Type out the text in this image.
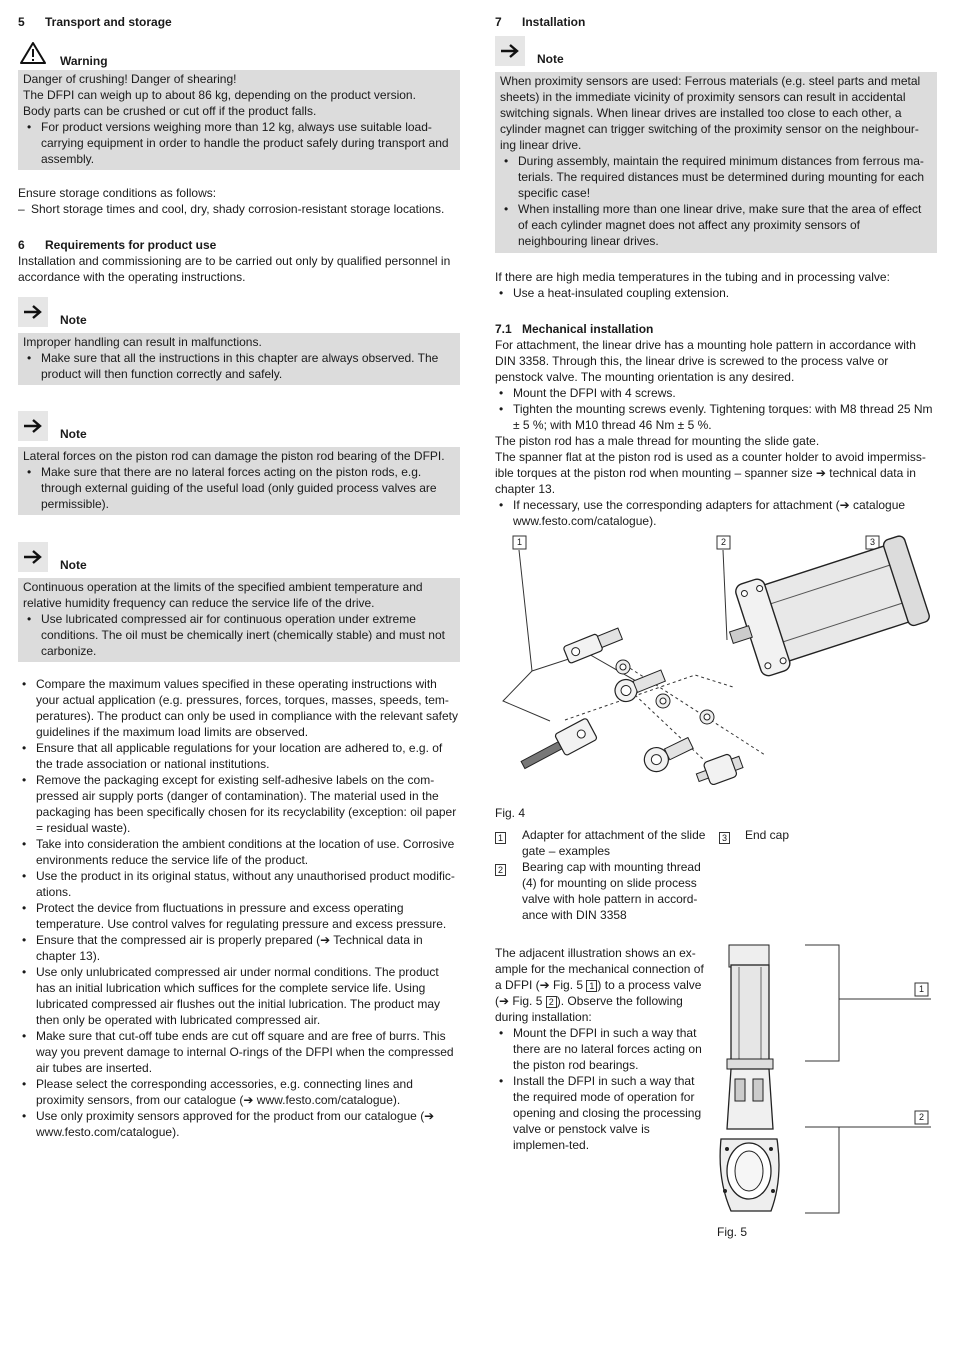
5 Transport and storage
Warning

Danger of crushing! Danger of shearing!

The DFPI can weigh up to about 86 kg, depending on the product version.

Body parts can be crushed or cut off if the product falls.

• For product versions weighing more than 12 kg, always use suitable load-carrying equipment in order to handle the product safely during transport and assembly.

Ensure storage conditions as follows:

– Short storage times and cool, dry, shady corrosion-resistant storage locations.
6 Requirements for product use

Installation and commissioning are to be carried out only by qualified personnel in accordance with the operating instructions.

Note

Improper handling can result in malfunctions.

• Make sure that all the instructions in this chapter are always observed. The product will then function correctly and safely.
Note

Lateral forces on the piston rod can damage the piston rod bearing of the DFPI.

• Make sure that there are no lateral forces acting on the piston rods, e.g. through external guiding of the useful load (only guided process valves are permissible).
Note

Continuous operation at the limits of the specified ambient temperature and relative humidity frequency can reduce the service life of the drive.

• Use lubricated compressed air for continuous operation under extreme conditions. The oil must be chemically inert (chemically stable) and must not carbonize.
• Compare the maximum values specified in these operating instructions with your actual application (e.g. pressures, forces, torques, masses, speeds, tem-peratures). The product can only be used in compliance with the relevant safety guidelines if the maximum load limits are observed.
• Ensure that all applicable regulations for your location are adhered to, e.g. of the trade association or national institutions.
• Remove the packaging except for existing self-adhesive labels on the com-pressed air supply ports (danger of contamination). The material used in the packaging has been specifically chosen for its recyclability (exception: oil paper = residual waste).
• Take into consideration the ambient conditions at the location of use. Corrosive environments reduce the service life of the product.
• Use the product in its original status, without any unauthorised product modific-ations.
• Protect the device from fluctuations in pressure and excess operating temperature. Use control valves for regulating pressure and excess pressure.
• Ensure that the compressed air is properly prepared (➔ Technical data in chapter 13).
• Use only unlubricated compressed air under normal conditions. The product has an initial lubrication which suffices for the complete service life. Using lubricated compressed air flushes out the initial lubrication. The product may then only be operated with lubricated compressed air.
• Make sure that cut-off tube ends are cut off square and are free of burrs. This way you prevent damage to internal O-rings of the DFPI when the compressed air tubes are inserted.
• Please select the corresponding accessories, e.g. connecting lines and proximity sensors, from our catalogue (➔ www.festo.com/catalogue).
• Use only proximity sensors approved for the product from our catalogue (➔ www.festo.com/catalogue).
7 Installation
Note

When proximity sensors are used: Ferrous materials (e.g. steel parts and metal sheets) in the immediate vicinity of proximity sensors can result in accidental switching signals. When linear drives are installed too close to each other, a cylinder magnet can trigger switching of the proximity sensor on the neighbour-ing linear drive.

• During assembly, maintain the required minimum distances from ferrous ma-terials. The required distances must be determined during mounting for each specific case!
• When installing more than one linear drive, make sure that the area of effect of each cylinder magnet does not affect any proximity sensors of neighbouring linear drives.

If there are high media temperatures in the tubing and in processing valve:

• Use a heat-insulated coupling extension.
7.1 Mechanical installation

For attachment, the linear drive has a mounting hole pattern in accordance with DIN 3358. Through this, the linear drive is screwed to the process valve or penstock valve. The mounting orientation is any desired.

• Mount the DFPI with 4 screws.
• Tighten the mounting screws evenly. Tightening torques: with M8 thread 25 Nm ± 5 %; with M10 thread 46 Nm ± 5 %.

The piston rod has a male thread for mounting the slide gate.

The spanner flat at the piston rod is used as a counter holder to avoid impermiss-ible torques at the piston rod when mounting – spanner size ➔ technical data in chapter 13.

• If necessary, use the corresponding adapters for attachment (➔ catalogue www.festo.com/catalogue).
1	2	3

Fig. 4

1	Adapter for attachment of the slide gate – examples
2	Bearing cap with mounting thread (4) for mounting on slide process valve with hole pattern in accord-ance with DIN 3358
3	End cap

The adjacent illustration shows an ex-ample for the mechanical connection of a DFPI (➔ Fig. 5 1 ) to a process valve (➔ Fig. 5 2 ). Observe the following during installation:

• Mount the DFPI in such a way that there are no lateral forces acting on the piston rod bearings.
• Install the DFPI in such a way that the required mode of operation for opening and closing the processing valve or penstock valve is implemen-ted.
1
2

Fig. 5
